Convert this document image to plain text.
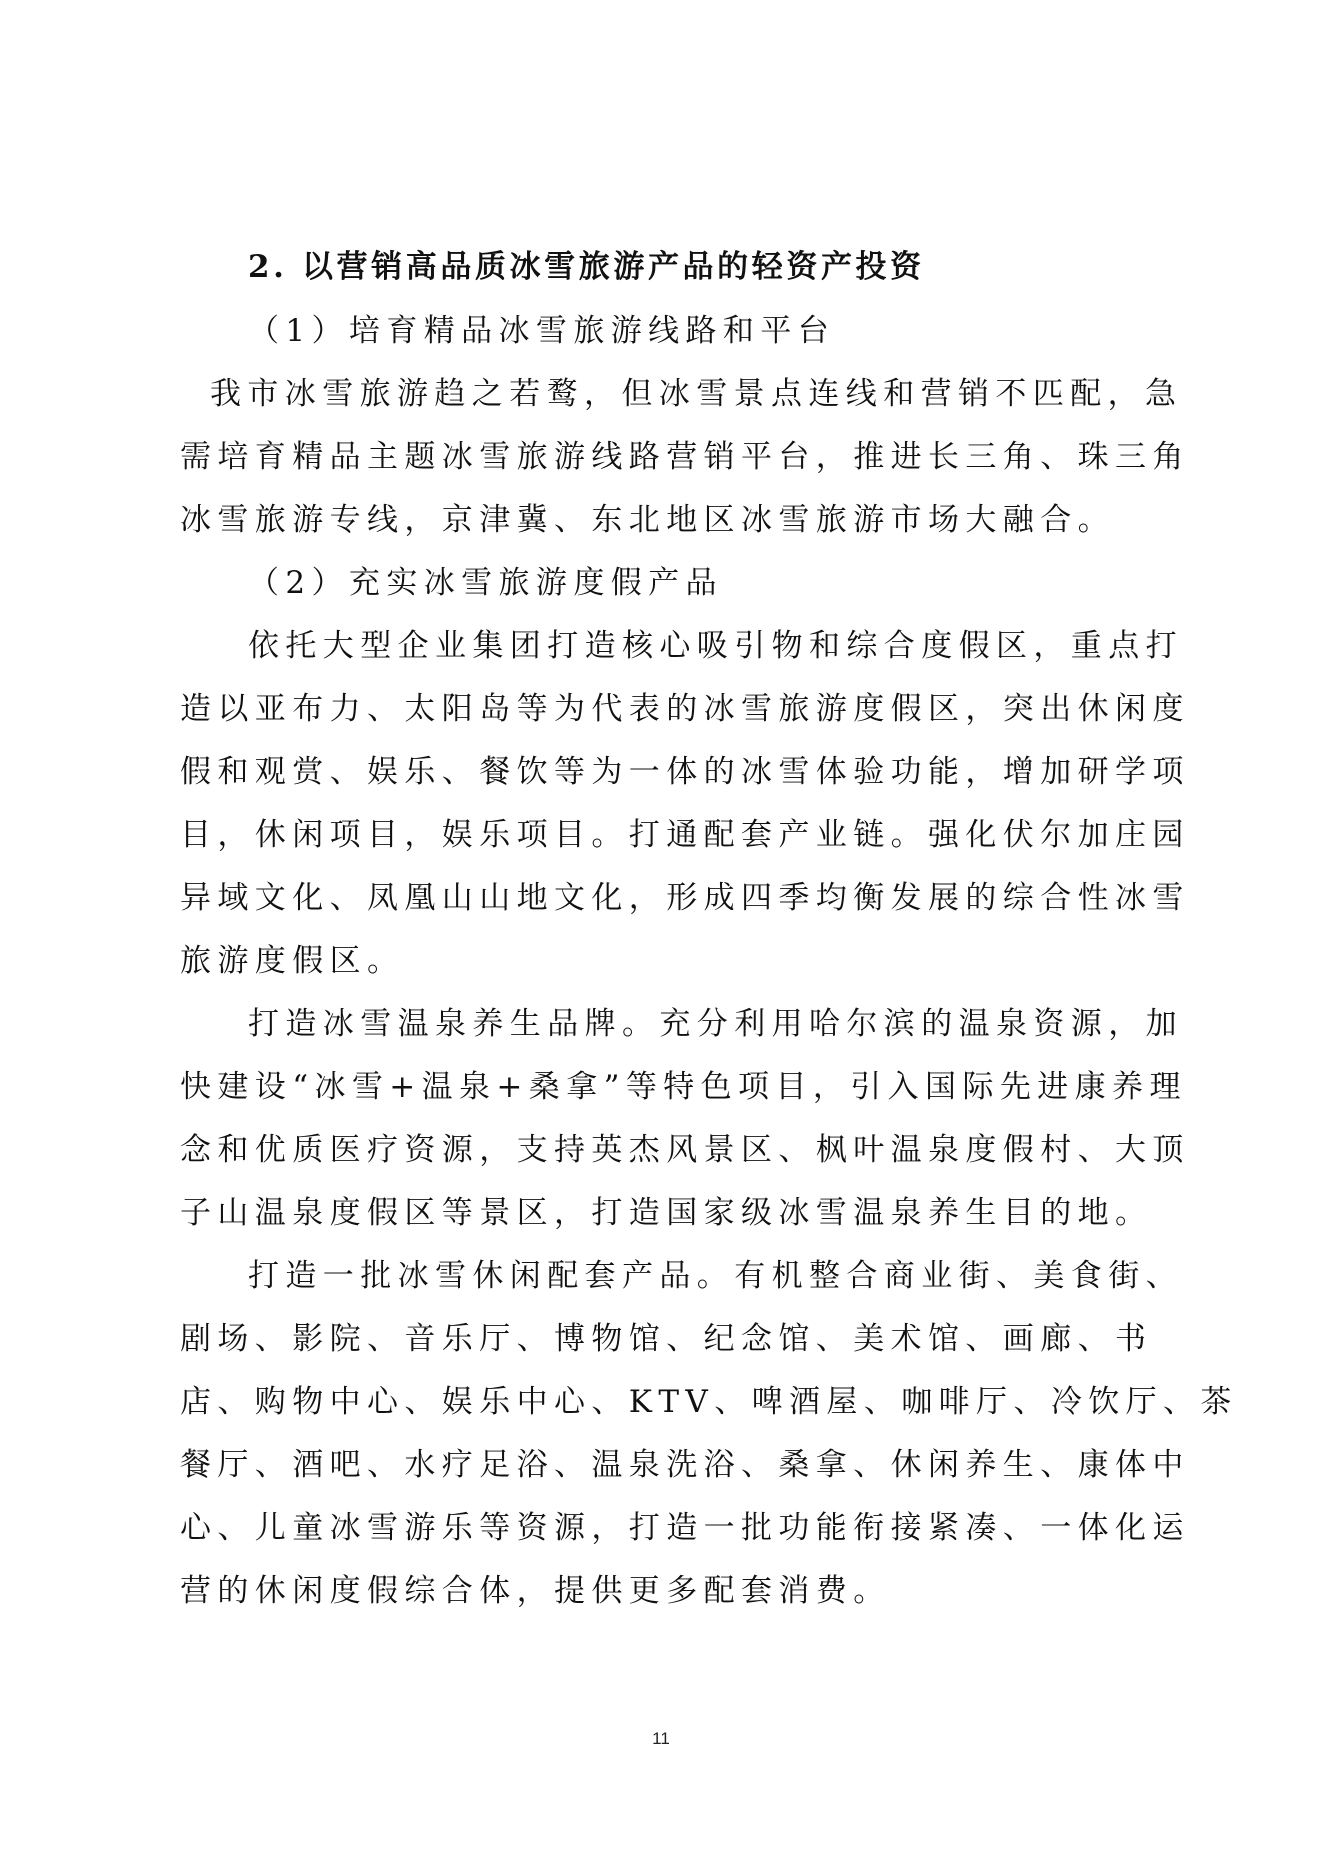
2. 以营销高品质冰雪旅游产品的轻资产投资
（1）培育精品冰雪旅游线路和平台
我市冰雪旅游趋之若鹜，但冰雪景点连线和营销不匹配，急
需培育精品主题冰雪旅游线路营销平台，推进长三角、珠三角
冰雪旅游专线，京津冀、东北地区冰雪旅游市场大融合。
（2）充实冰雪旅游度假产品
依托大型企业集团打造核心吸引物和综合度假区，重点打
造以亚布力、太阳岛等为代表的冰雪旅游度假区，突出休闲度
假和观赏、娱乐、餐饮等为一体的冰雪体验功能，增加研学项
目，休闲项目，娱乐项目。打通配套产业链。强化伏尔加庄园
异域文化、凤凰山山地文化，形成四季均衡发展的综合性冰雪
旅游度假区。
打造冰雪温泉养生品牌。充分利用哈尔滨的温泉资源，加
快建设“冰雪+温泉+桑拿”等特色项目，引入国际先进康养理
念和优质医疗资源，支持英杰风景区、枫叶温泉度假村、大顶
子山温泉度假区等景区，打造国家级冰雪温泉养生目的地。
打造一批冰雪休闲配套产品。有机整合商业街、美食街、
剧场、影院、音乐厅、博物馆、纪念馆、美术馆、画廊、书
店、购物中心、娱乐中心、KTV、啤酒屋、咖啡厅、冷饮厅、茶
餐厅、酒吧、水疗足浴、温泉洗浴、桑拿、休闲养生、康体中
心、儿童冰雪游乐等资源，打造一批功能衔接紧凑、一体化运
营的休闲度假综合体，提供更多配套消费。
11
